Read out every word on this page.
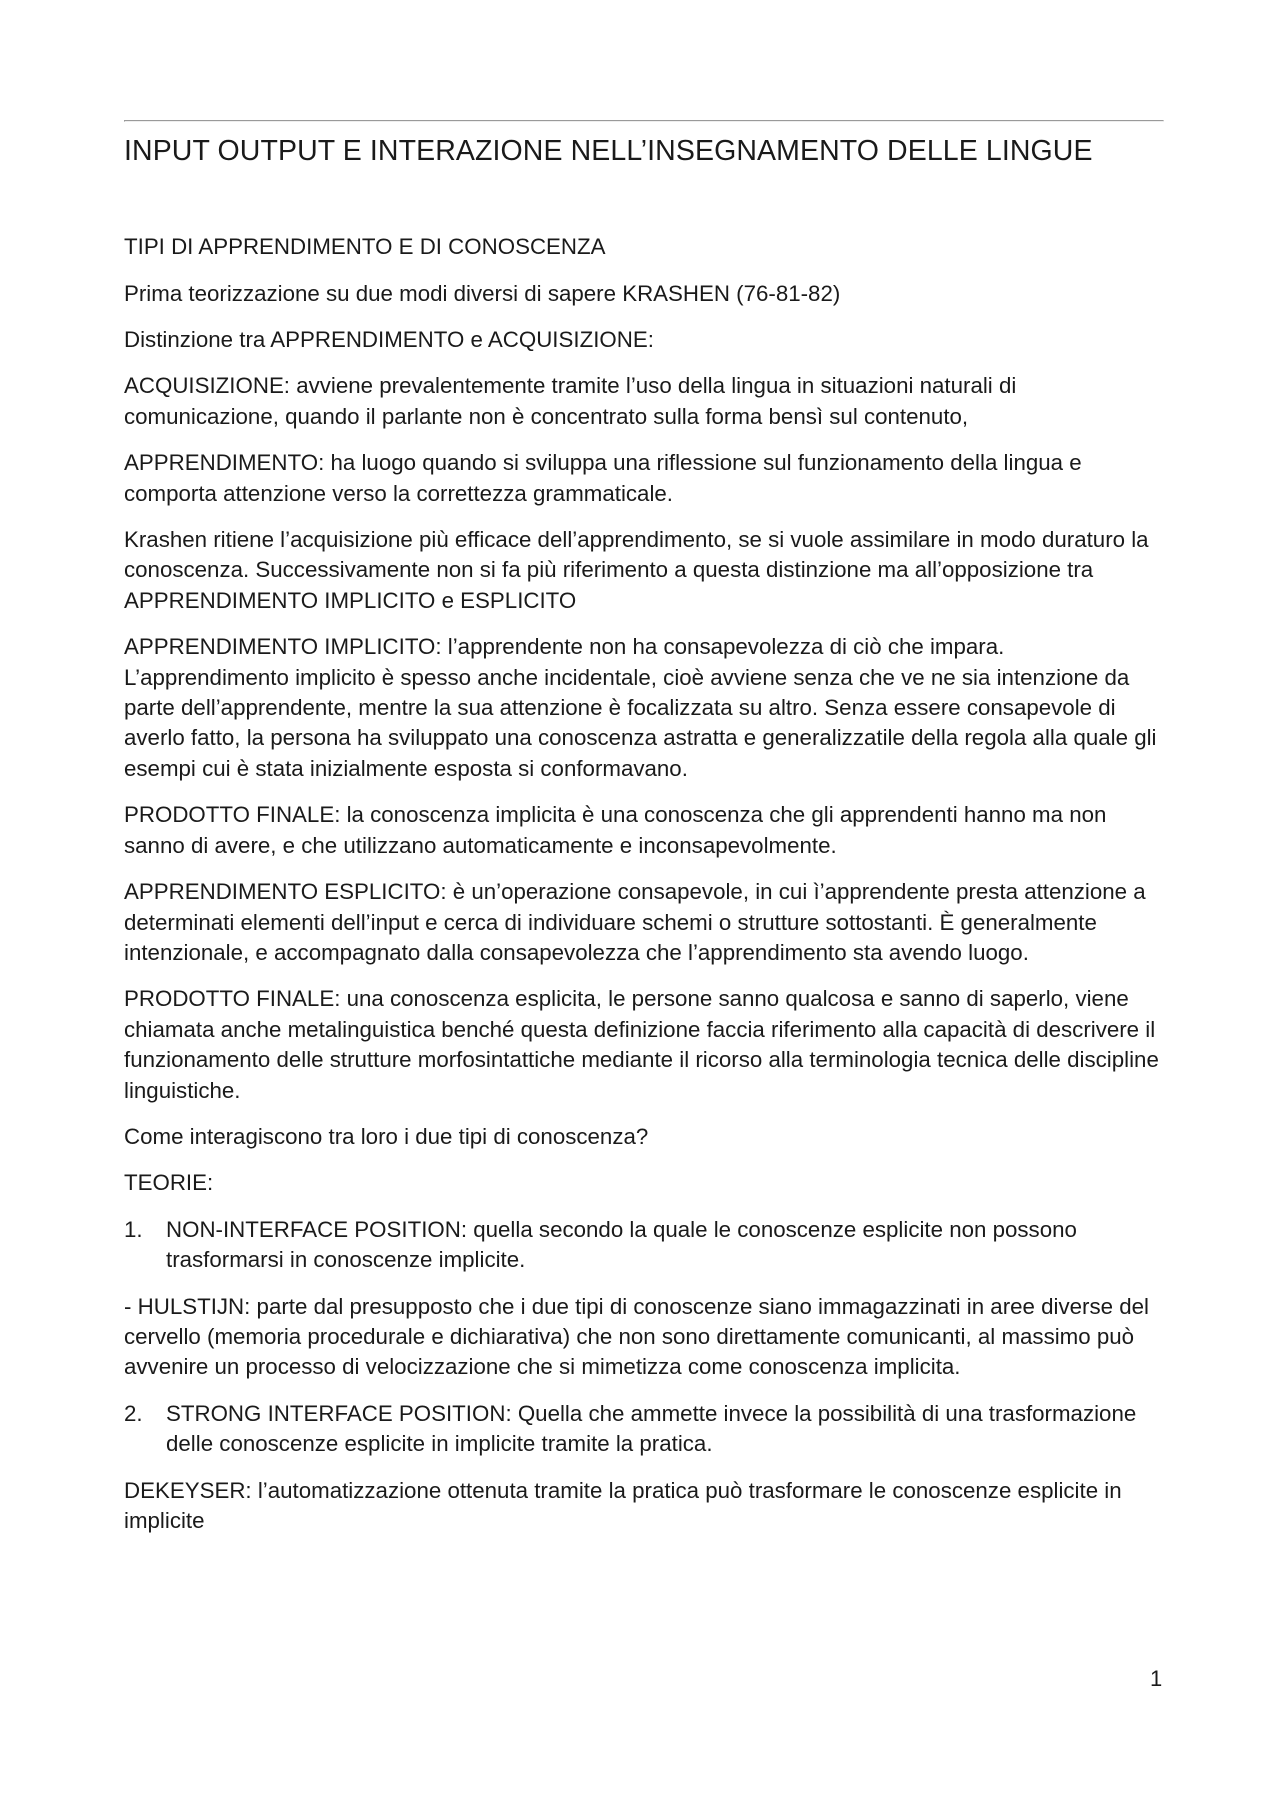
INPUT OUTPUT E INTERAZIONE NELL’INSEGNAMENTO DELLE LINGUE

TIPI DI APPRENDIMENTO E DI CONOSCENZA

Prima teorizzazione su due modi diversi di sapere KRASHEN (76-81-82)

Distinzione tra APPRENDIMENTO e ACQUISIZIONE:

ACQUISIZIONE: avviene prevalentemente tramite l’uso della lingua in situazioni naturali di comunicazione, quando il parlante non è concentrato sulla forma bensì sul contenuto,

APPRENDIMENTO: ha luogo quando si sviluppa una riflessione sul funzionamento della lingua e comporta attenzione verso la correttezza grammaticale.

Krashen ritiene l’acquisizione più efficace dell’apprendimento, se si vuole assimilare in modo duraturo la conoscenza. Successivamente non si fa più riferimento a questa distinzione ma all’opposizione tra APPRENDIMENTO IMPLICITO e ESPLICITO

APPRENDIMENTO IMPLICITO: l’apprendente non ha consapevolezza di ciò che impara. L’apprendimento implicito è spesso anche incidentale, cioè avviene senza che ve ne sia intenzione da parte dell’apprendente, mentre la sua attenzione è focalizzata su altro. Senza essere consapevole di averlo fatto, la persona ha sviluppato una conoscenza astratta e generalizzatile della regola alla quale gli esempi cui è stata inizialmente esposta si conformavano.

PRODOTTO FINALE: la conoscenza implicita è una conoscenza che gli apprendenti hanno ma non sanno di avere, e che utilizzano automaticamente e inconsapevolmente.

APPRENDIMENTO ESPLICITO: è un’operazione consapevole, in cui ì’apprendente presta attenzione a determinati elementi dell’input e cerca di individuare schemi o strutture sottostanti. È generalmente intenzionale, e accompagnato dalla consapevolezza che l’apprendimento sta avendo luogo.

PRODOTTO FINALE: una conoscenza esplicita, le persone sanno qualcosa e sanno di saperlo, viene chiamata anche metalinguistica benché questa definizione faccia riferimento alla capacità di descrivere il funzionamento delle strutture morfosintattiche mediante il ricorso alla terminologia tecnica delle discipline linguistiche.

Come interagiscono tra loro i due tipi di conoscenza?

TEORIE:

1. NON-INTERFACE POSITION: quella secondo la quale le conoscenze esplicite non possono trasformarsi in conoscenze implicite.

- HULSTIJN: parte dal presupposto che i due tipi di conoscenze siano immagazzinati in aree diverse del cervello (memoria procedurale e dichiarativa) che non sono direttamente comunicanti, al massimo può avvenire un processo di velocizzazione che si mimetizza come conoscenza implicita.

2. STRONG INTERFACE POSITION: Quella che ammette invece la possibilità di una trasformazione delle conoscenze esplicite in implicite tramite la pratica.

DEKEYSER: l’automatizzazione ottenuta tramite la pratica può trasformare le conoscenze esplicite in implicite

1
